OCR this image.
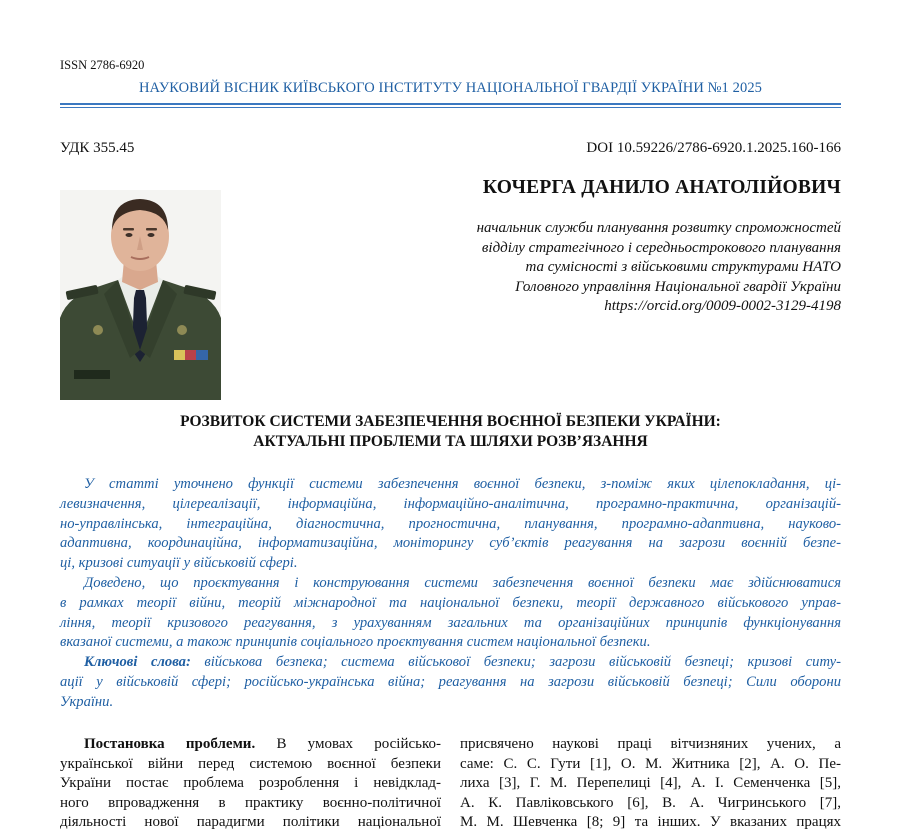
ISSN 2786-6920
НАУКОВИЙ ВІСНИК КИЇВСЬКОГО ІНСТИТУТУ НАЦІОНАЛЬНОЇ ГВАРДІЇ УКРАЇНИ №1 2025
УДК 355.45	DOI 10.59226/2786-6920.1.2025.160-166
КОЧЕРГА ДАНИЛО АНАТОЛІЙОВИЧ
начальник служби планування розвитку спроможностей
відділу стратегічного і середньострокового планування
та сумісності з військовими структурами НАТО
Головного управління Національної гвардії України
https://orcid.org/0009-0002-3129-4198
РОЗВИТОК СИСТЕМИ ЗАБЕЗПЕЧЕННЯ ВОЄННОЇ БЕЗПЕКИ УКРАЇНИ:
АКТУАЛЬНІ ПРОБЛЕМИ ТА ШЛЯХИ РОЗВ’ЯЗАННЯ
У статті уточнено функції системи забезпечення воєнної безпеки, з-поміж яких цілепокладання, ці-
левизначення, цілереалізації, інформаційна, інформаційно-аналітична, програмно-практична, організацій-
но-управлінська, інтеграційна, діагностична, прогностична, планування, програмно-адаптивна, науково-
адаптивна, координаційна, інформатизаційна, моніторингу суб’єктів реагування на загрози воєнній безпе-
ці, кризові ситуації у військовій сфері.
Доведено, що проєктування і конструювання системи забезпечення воєнної безпеки має здійснюватися
в рамках теорії війни, теорій міжнародної та національної безпеки, теорії державного військового управ-
ління, теорії кризового реагування, з урахуванням загальних та організаційних принципів функціонування
вказаної системи, а також принципів соціального проєктування систем національної безпеки.
Ключові слова: військова безпека; система військової безпеки; загрози військовій безпеці; кризові ситу-
ації у військовій сфері; російсько-українська війна; реагування на загрози військовій безпеці; Сили оборони
України.
Постановка проблеми. В умовах російсько-
української війни перед системою воєнної безпеки
України постає проблема розроблення і невідклад-
ного впровадження в практику воєнно-політичної
діяльності нової парадигми політики національної
присвячено наукові праці вітчизняних учених, а
саме: С. С. Гути [1], О. М. Житника [2], А. О. Пе-
лиха [3], Г. М. Перепелиці [4], А. І. Семенченка [5],
А. К. Павліковського [6], В. А. Чигринського [7],
М. М. Шевченка [8; 9] та інших. У вказаних працях
